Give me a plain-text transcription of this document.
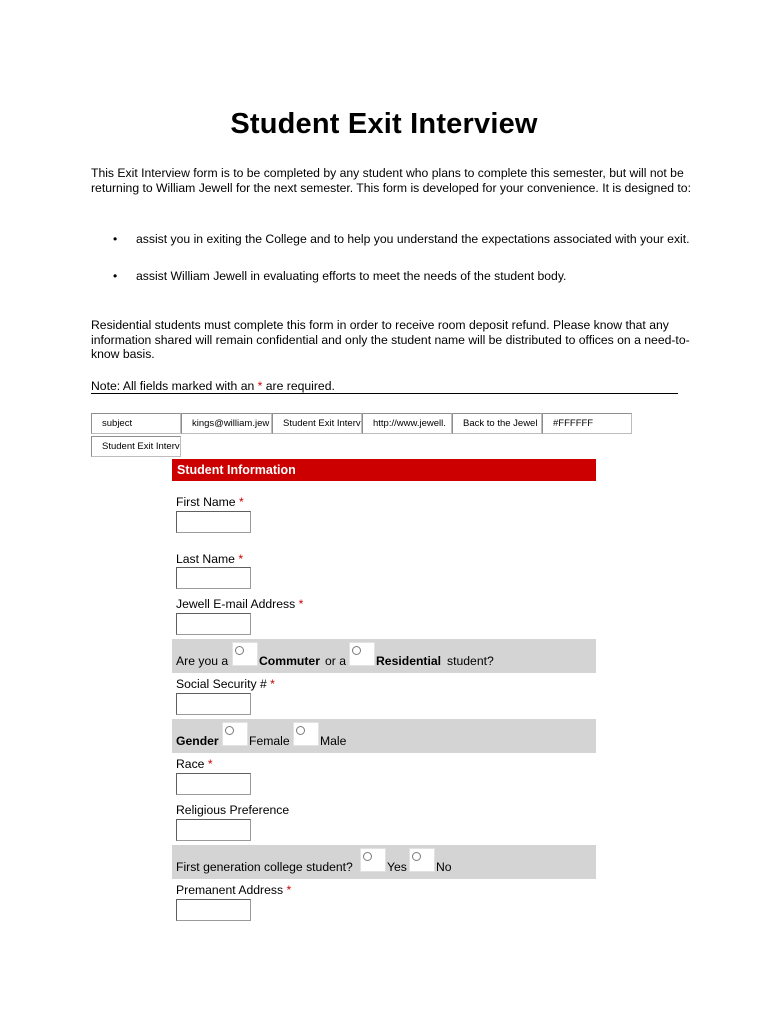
Student Exit Interview
This Exit Interview form is to be completed by any student who plans to complete this semester, but will not be returning to William Jewell for the next semester. This form is developed for your convenience. It is designed to:
• assist you in exiting the College and to help you understand the expectations associated with your exit.
• assist William Jewell in evaluating efforts to meet the needs of the student body.
Residential students must complete this form in order to receive room deposit refund. Please know that any information shared will remain confidential and only the student name will be distributed to offices on a need-to-know basis.
Note: All fields marked with an * are required.
subject	kings@william.jew	Student Exit Interv	http://www.jewell.	Back to the Jewel	#FFFFFF
Student Exit Interv
Student Information
First Name *
Last Name *
Jewell E-mail Address *
Are you a	Commuter or a Residential student?
Social Security # *
Gender Female Male
Race *
Religious Preference
First generation college student?	Yes No
Premanent Address *
